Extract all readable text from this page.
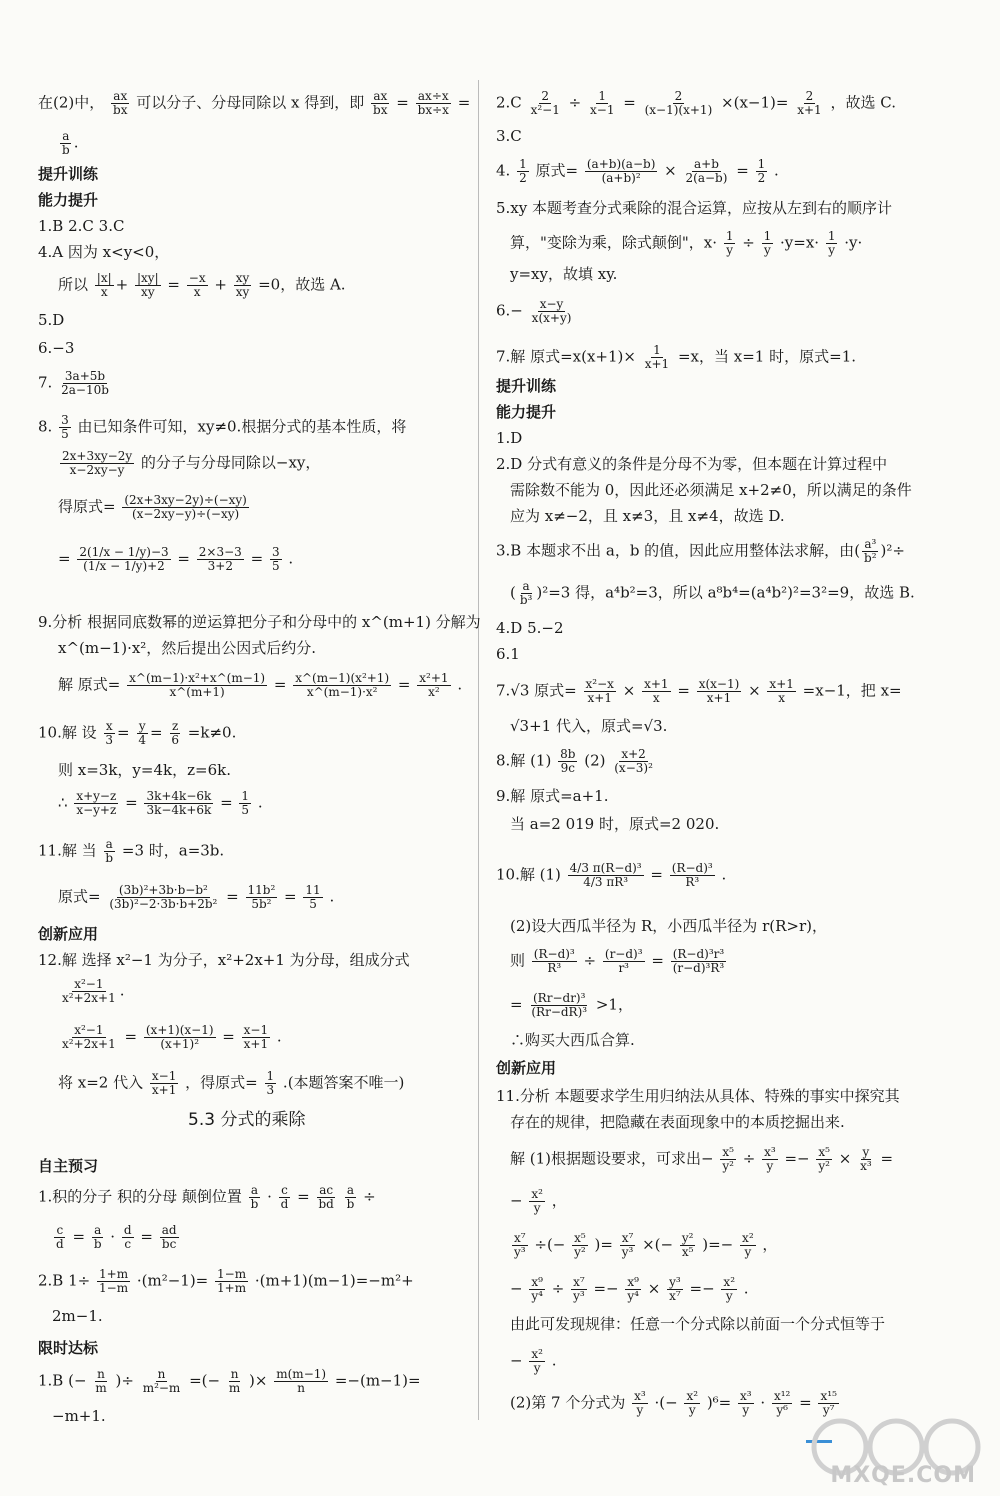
在(2)中， $\frac{ax}{bx}$ 可以分子、分母同除以 x 得到，即 $\frac{ax}{bx} = \frac{ax\div x}{bx\div x}$ =
$\frac{a}{b}$ .
提升训练
能力提升
1.B 2.C 3.C
4.A 因为 x<y<0，
所以 $\frac{|x|}{x} + \frac{|xy|}{xy} = \frac{-x}{x} + \frac{xy}{xy} =0$，故选 A.
5.D
6.−3
7. $\frac{3a+5b}{2a-10b}$
8. $\frac{3}{5}$ 由已知条件可知，xy≠0.根据分式的基本性质，将
$\frac{2x+3xy-2y}{x-2xy-y}$ 的分子与分母同除以−xy，
得原式= $\frac{(2x+3xy-2y)\div(-xy)}{(x-2xy-y)\div(-xy)}$
= $\frac{2(1/x - 1/y)-3}{(1/x - 1/y)+2} = \frac{2\times 3-3}{3+2} = \frac{3}{5}$ .
9.分析 根据同底数幂的逆运算把分子和分母中的 x^(m+1) 分解为
x^(m−1)·x²，然后提出公因式后约分.
解 原式= $\frac{\text{x\textasciicircum{}(m−1)·x²+x\textasciicircum{}(m−1)}}{x\^{}(m+1)} = \frac{\text{x\textasciicircum{}(m−1)(x²+1)}}{\text{x\textasciicircum{}(m−1)·x²}} = \frac{\text{x²+1}}{\text{x²}}$ .
10.解 设 $\frac{x}{3} = \frac{y}{4} = \frac{z}{6} =k\ne 0$.
则 x=3k，y=4k，z=6k.
∴ $\frac{x+y-z}{x-y+z} = \frac{3k+4k-6k}{3k-4k+6k} = \frac{1}{5}$ .
11.解 当 $\frac{a}{b} =3$ 时，a=3b.
原式= $\frac{\text{(3b)²+3b·b−b²}}{\text{(3b)²−2·3b·b+2b²}} = \frac{\text{11b²}}{\text{5b²}} = \frac{11}{5}$ .
创新应用
12.解 选择 x²−1 为分子，x²+2x+1 为分母，组成分式
$\frac{\text{x²−1}}{\text{x²+2x+1}}$ .
$\frac{\text{x²−1}}{\text{x²+2x+1}} = \frac{(x+1)(x-1)}{\text{(x+1)²}} = \frac{x-1}{x+1}$ .
将 x=2 代入 $\frac{x-1}{x+1}$ ，得原式= $\frac{1}{3}$ .(本题答案不唯一)
5.3 分式的乘除
自主预习
1.积的分子 积的分母 颠倒位置 $\frac{a}{b} \cdot \frac{c}{d} = \frac{ac}{bd}$
$\frac{a}{b}$ ÷
$\frac{c}{d} = \frac{a}{b} \cdot \frac{d}{c} = \frac{ad}{bc}$
2.B $1\div \frac{1+m}{1-m} \cdot(m^2-1)= \frac{1-m}{1+m} \cdot(m+1)(m-1)=-m^2+$
2m−1.
限时达标
1.B (− $\frac{n}{m}$ )÷ $\frac{n}{\text{m²−m}}$ =(− $\frac{n}{m}$ )× $\frac{m(m-1)}{n} =-(m-1)=$
−m+1.
$2.C \frac{2}{\text{x²−1}} \div \frac{1}{x-1} = \frac{2}{(x-1)(x+1)} \times(x-1)= \frac{2}{x+1}$ ，故选 C.
3.C
4. $\frac{1}{2}$ 原式= $\frac{(a+b)(a-b)}{\text{(a+b)²}} \times \frac{a+b}{2(a-b)} = \frac{1}{2}$ .
5.xy 本题考查分式乘除的混合运算，应按从左到右的顺序计
算，"变除为乘，除式颠倒"，$x\cdot \frac{1}{y} \div \frac{1}{y} \cdot y=x\cdot \frac{1}{y} \cdot y\cdot$
y=xy，故填 xy.
$6.- \frac{x-y}{x(x+y)}$
7.解 原式$=x(x+1)\times \frac{1}{x+1} =x$，当 x=1 时，原式=1.
提升训练
能力提升
1.D
2.D 分式有意义的条件是分母不为零，但本题在计算过程中
需除数不能为 0，因此还必须满足 x+2≠0，所以满足的条件
应为 x≠−2，且 x≠3，且 x≠4，故选 D.
3.B 本题求不出 a，b 的值，因此应用整体法求解，由( $\frac{\text{a³}}{\text{b²}} )^2\div$
( $\frac{a}{\text{b³}} )^2=3$ 得，a⁴b²=3，所以 a⁸b⁴=(a⁴b²)²=3²=9，故选 B.
4.D 5.−2
6.1
7.√3 原式= $\frac{\text{x²−x}}{x+1} \times \frac{x+1}{x} = \frac{x(x-1)}{x+1} \times \frac{x+1}{x} =x-1$，把 x=
√3+1 代入，原式=√3.
8.解 $(1) \frac{8b}{9c} (2) \frac{x+2}{\text{(x−3)²}}$
9.解 原式=a+1.
当 a=2 019 时，原式=2 020.
10.解 $(1) \frac{\text{4/3 π(R−d)³}}{\text{4/3 πR³}} = \frac{\text{(R−d)³}}{\text{R³}}$ .
(2)设大西瓜半径为 R，小西瓜半径为 r(R>r)，
则 $\frac{\text{(R−d)³}}{\text{R³}} \div \frac{\text{(r−d)³}}{\text{r³}} = \frac{\text{(R−d)³r³}}{\text{(r−d)³R³}}$
= $\frac{\text{(Rr−dr)³}}{\text{(Rr−dR)³}} >1$，
∴购买大西瓜合算.
创新应用
11.分析 本题要求学生用归纳法从具体、特殊的事实中探究其
存在的规律，把隐藏在表面现象中的本质挖掘出来.
解 (1)根据题设要求，可求出− $\frac{\text{x⁵}}{\text{y²}} \div \frac{\text{x³}}{y} =- \frac{\text{x⁵}}{\text{y²}} \times \frac{y}{\text{x³}}$ =
− $\frac{\text{x²}}{y}$ ，
$\frac{\text{x⁷}}{\text{y³}}$ ÷(− $\frac{\text{x⁵}}{\text{y²}}$ )= $\frac{\text{x⁷}}{\text{y³}}$ ×(− $\frac{\text{y²}}{\text{x⁵}}$ )=− $\frac{\text{x²}}{y}$ ，
− $\frac{\text{x⁹}}{\text{y⁴}} \div \frac{\text{x⁷}}{\text{y³}} =- \frac{\text{x⁹}}{\text{y⁴}} \times \frac{\text{y³}}{\text{x⁷}} =- \frac{\text{x²}}{y}$ .
由此可发现规律：任意一个分式除以前面一个分式恒等于
− $\frac{\text{x²}}{y}$ .
(2)第 7 个分式为 $\frac{\text{x³}}{y}$ ·(− $\frac{\text{x²}}{y} )^6= \frac{\text{x³}}{y} \cdot \frac{\text{x¹²}}{\text{y⁶}} = \frac{\text{x¹⁵}}{\text{y⁷}}$
MXQE.COM
